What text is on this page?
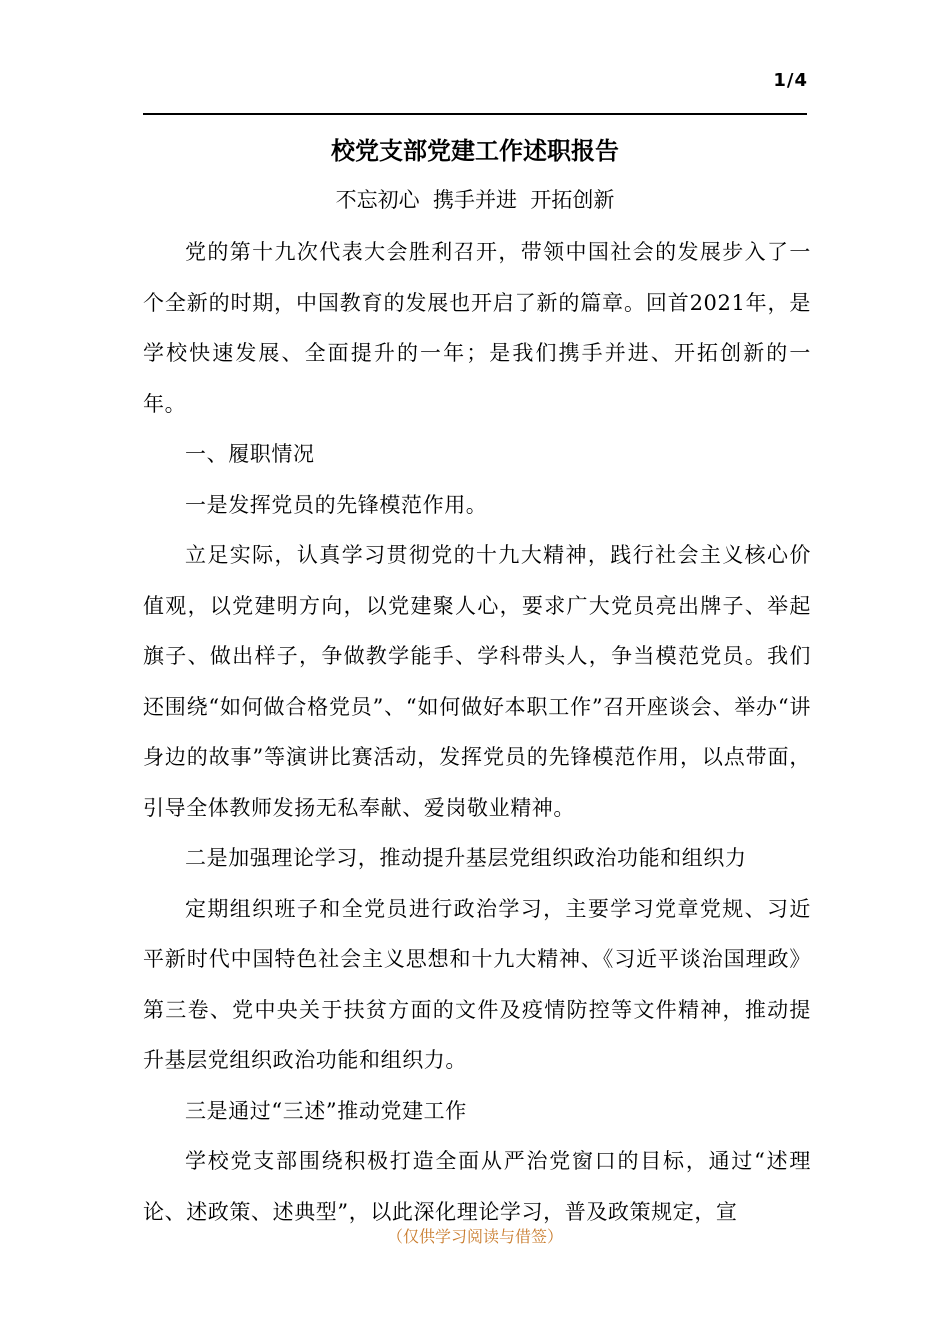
1/4
校党支部党建工作述职报告
不忘初心  携手并进  开拓创新

党的第十九次代表大会胜利召开，带领中国社会的发展步入了一个全新的时期，中国教育的发展也开启了新的篇章。回首2021年，是学校快速发展、全面提升的一年；是我们携手并进、开拓创新的一年。

一、履职情况

一是发挥党员的先锋模范作用。

立足实际，认真学习贯彻党的十九大精神，践行社会主义核心价值观，以党建明方向，以党建聚人心，要求广大党员亮出牌子、举起旗子、做出样子，争做教学能手、学科带头人，争当模范党员。我们还围绕“如何做合格党员”、“如何做好本职工作”召开座谈会、举办“讲身边的故事”等演讲比赛活动，发挥党员的先锋模范作用，以点带面，引导全体教师发扬无私奉献、爱岗敬业精神。

二是加强理论学习，推动提升基层党组织政治功能和组织力

定期组织班子和全党员进行政治学习，主要学习党章党规、习近平新时代中国特色社会主义思想和十九大精神、《习近平谈治国理政》第三卷、党中央关于扶贫方面的文件及疫情防控等文件精神，推动提升基层党组织政治功能和组织力。

三是通过“三述”推动党建工作

学校党支部围绕积极打造全面从严治党窗口的目标，通过“述理论、述政策、述典型”，以此深化理论学习，普及政策规定，宣

（仅供学习阅读与借签）
